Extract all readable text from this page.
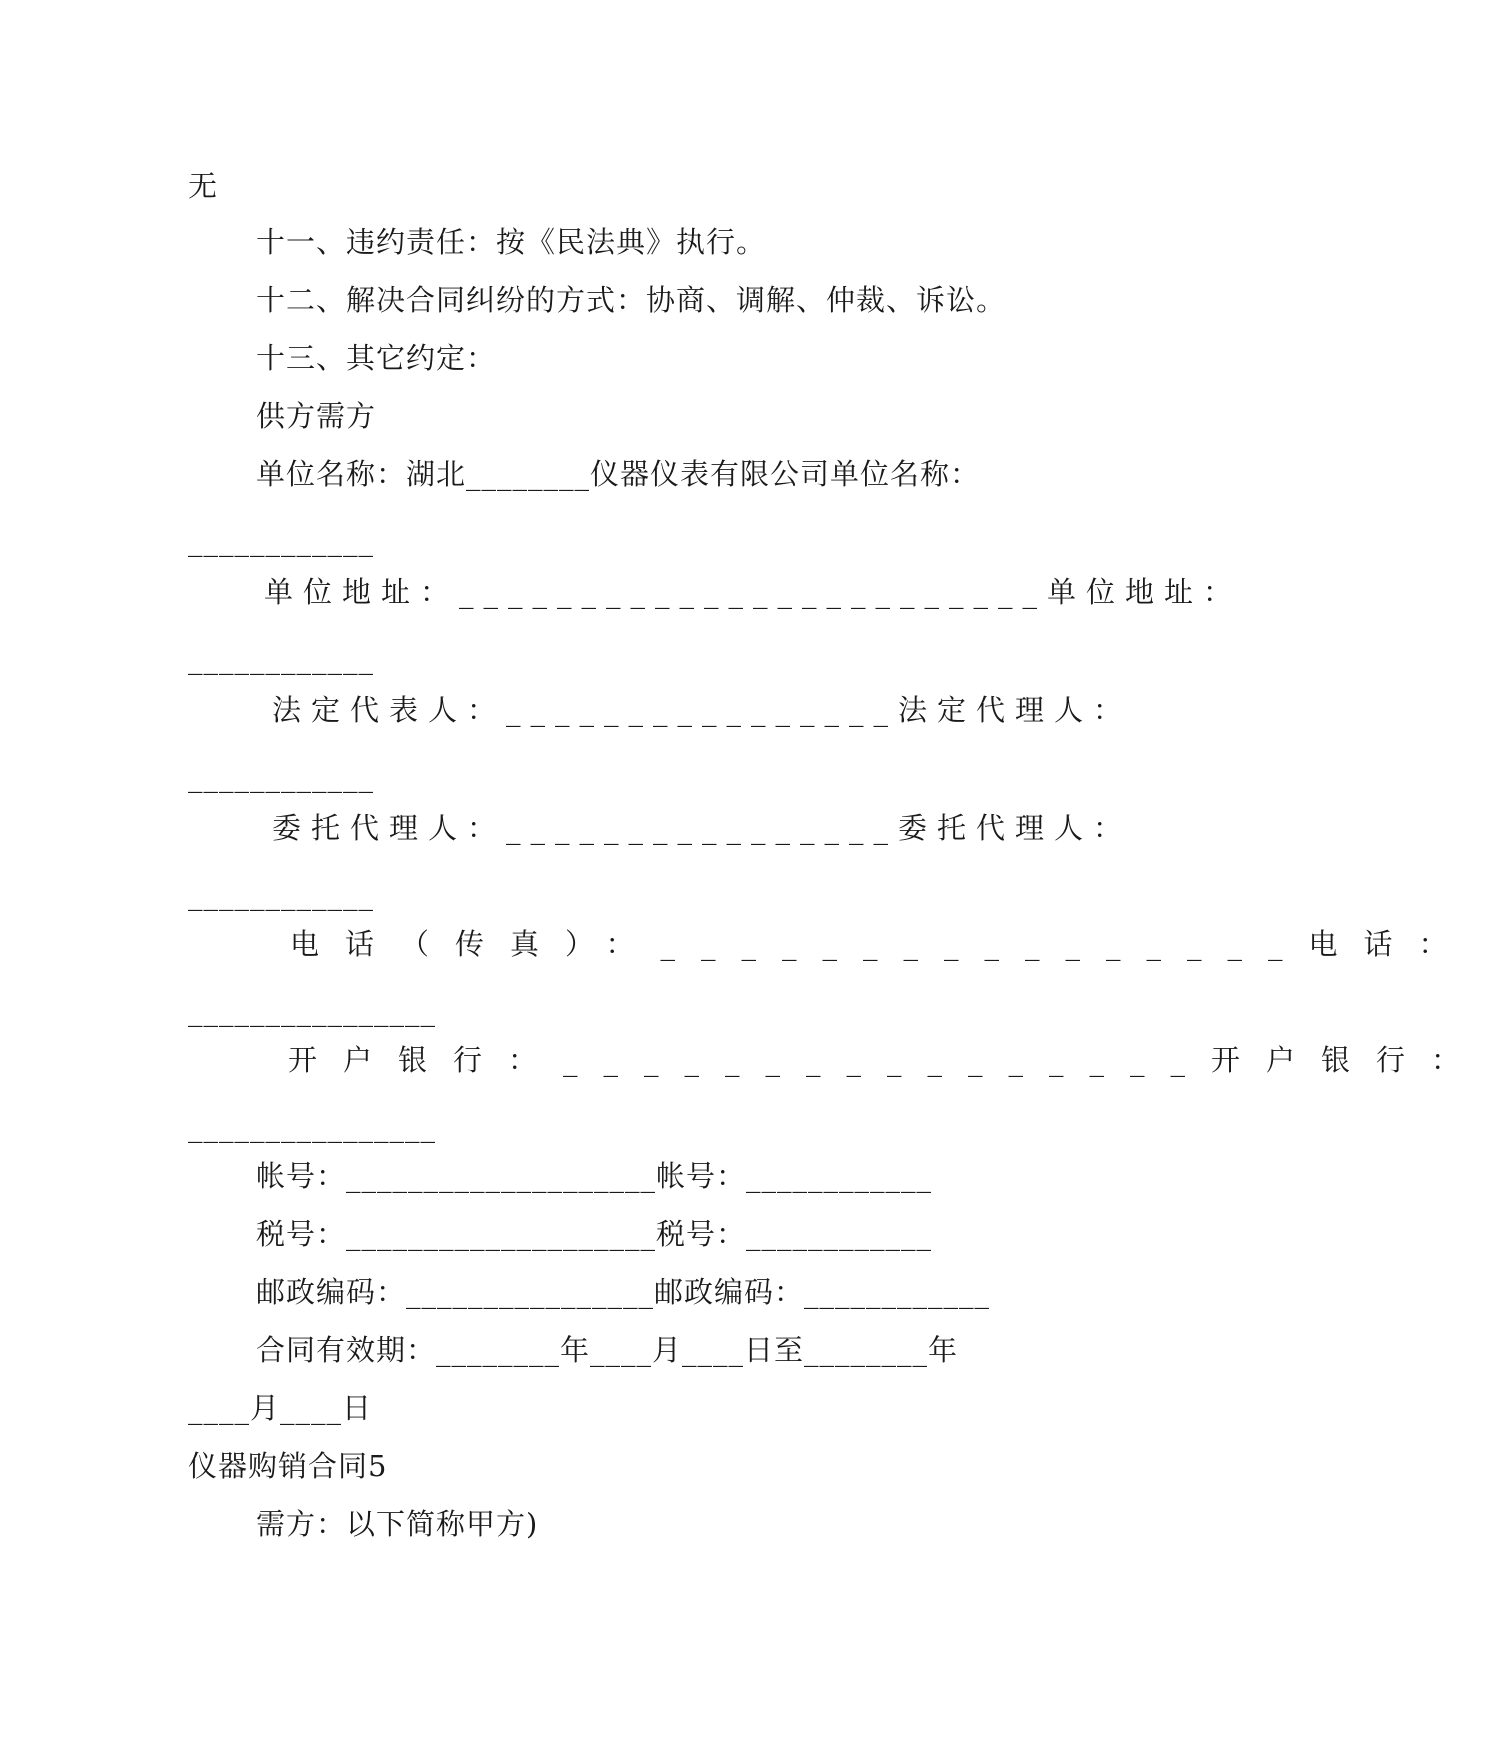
无
十一、违约责任：按《民法典》执行。
十二、解决合同纠纷的方式：协商、调解、仲裁、诉讼。
十三、其它约定：
供方需方
单位名称：湖北________仪器仪表有限公司单位名称：
____________
单位地址：________________________单位地址：
____________
法定代表人：________________法定代理人：
____________
委托代理人：________________委托代理人：
____________
电话（传真）：________________电话：
________________
开户银行：________________开户银行：
________________
帐号：____________________帐号：____________
税号：____________________税号：____________
邮政编码：________________邮政编码：____________
合同有效期：________年____月____日至________年
____月____日
仪器购销合同5
需方：以下简称甲方)
